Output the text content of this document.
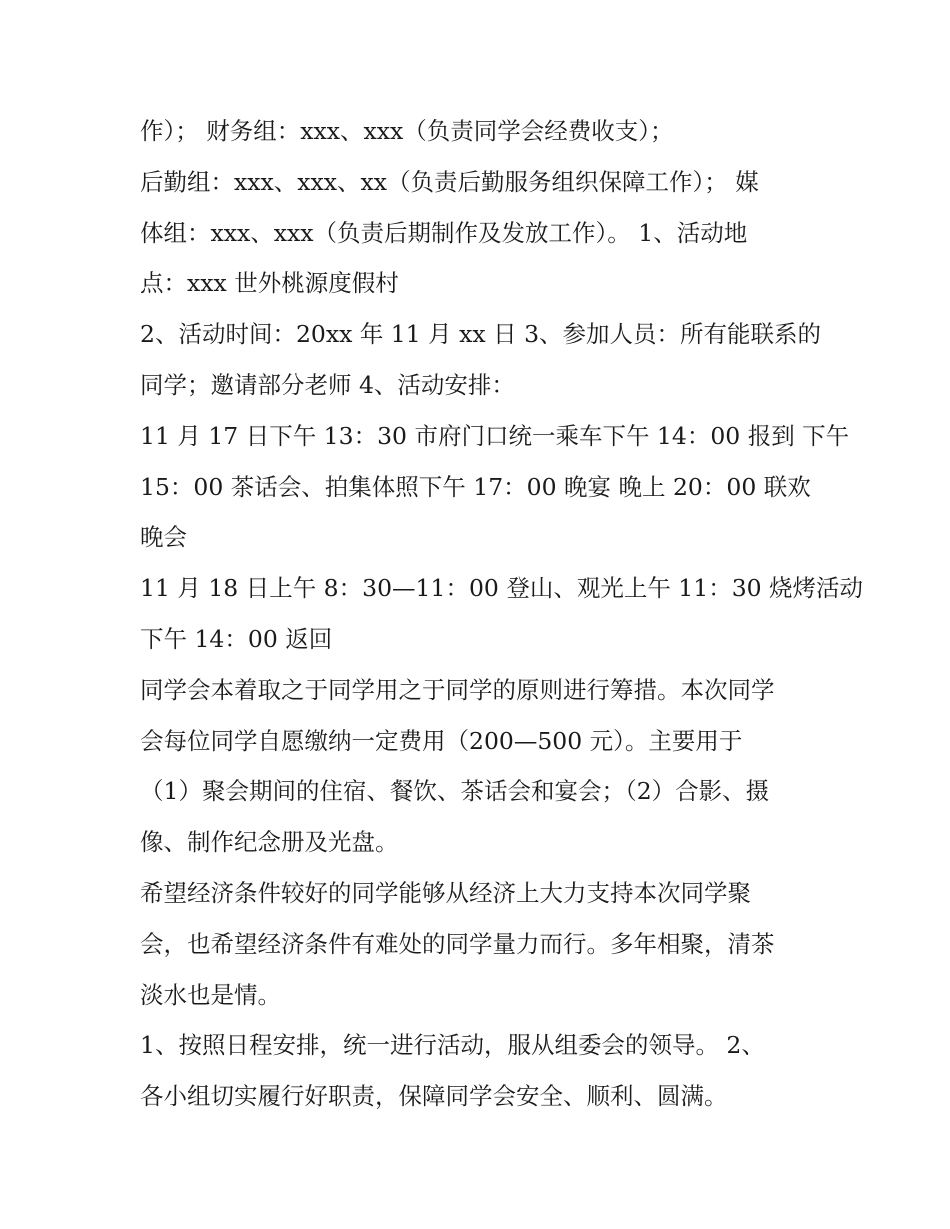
作）； 财务组：xxx、xxx（负责同学会经费收支）；
后勤组：xxx、xxx、xx（负责后勤服务组织保障工作）； 媒
体组：xxx、xxx（负责后期制作及发放工作）。 1、活动地
点：xxx 世外桃源度假村
2、活动时间：20xx 年 11 月 xx 日 3、参加人员：所有能联系的
同学；邀请部分老师 4、活动安排：
11 月 17 日下午 13：30 市府门口统一乘车下午 14：00 报到 下午
15：00 茶话会、拍集体照下午 17：00 晚宴 晚上 20：00 联欢
晚会
11 月 18 日上午 8：30—11：00 登山、观光上午 11：30 烧烤活动
下午 14：00 返回
同学会本着取之于同学用之于同学的原则进行筹措。本次同学
会每位同学自愿缴纳一定费用（200—500 元）。主要用于
（1）聚会期间的住宿、餐饮、茶话会和宴会；（2）合影、摄
像、制作纪念册及光盘。
希望经济条件较好的同学能够从经济上大力支持本次同学聚
会，也希望经济条件有难处的同学量力而行。多年相聚，清茶
淡水也是情。
1、按照日程安排，统一进行活动，服从组委会的领导。 2、
各小组切实履行好职责，保障同学会安全、顺利、圆满。
